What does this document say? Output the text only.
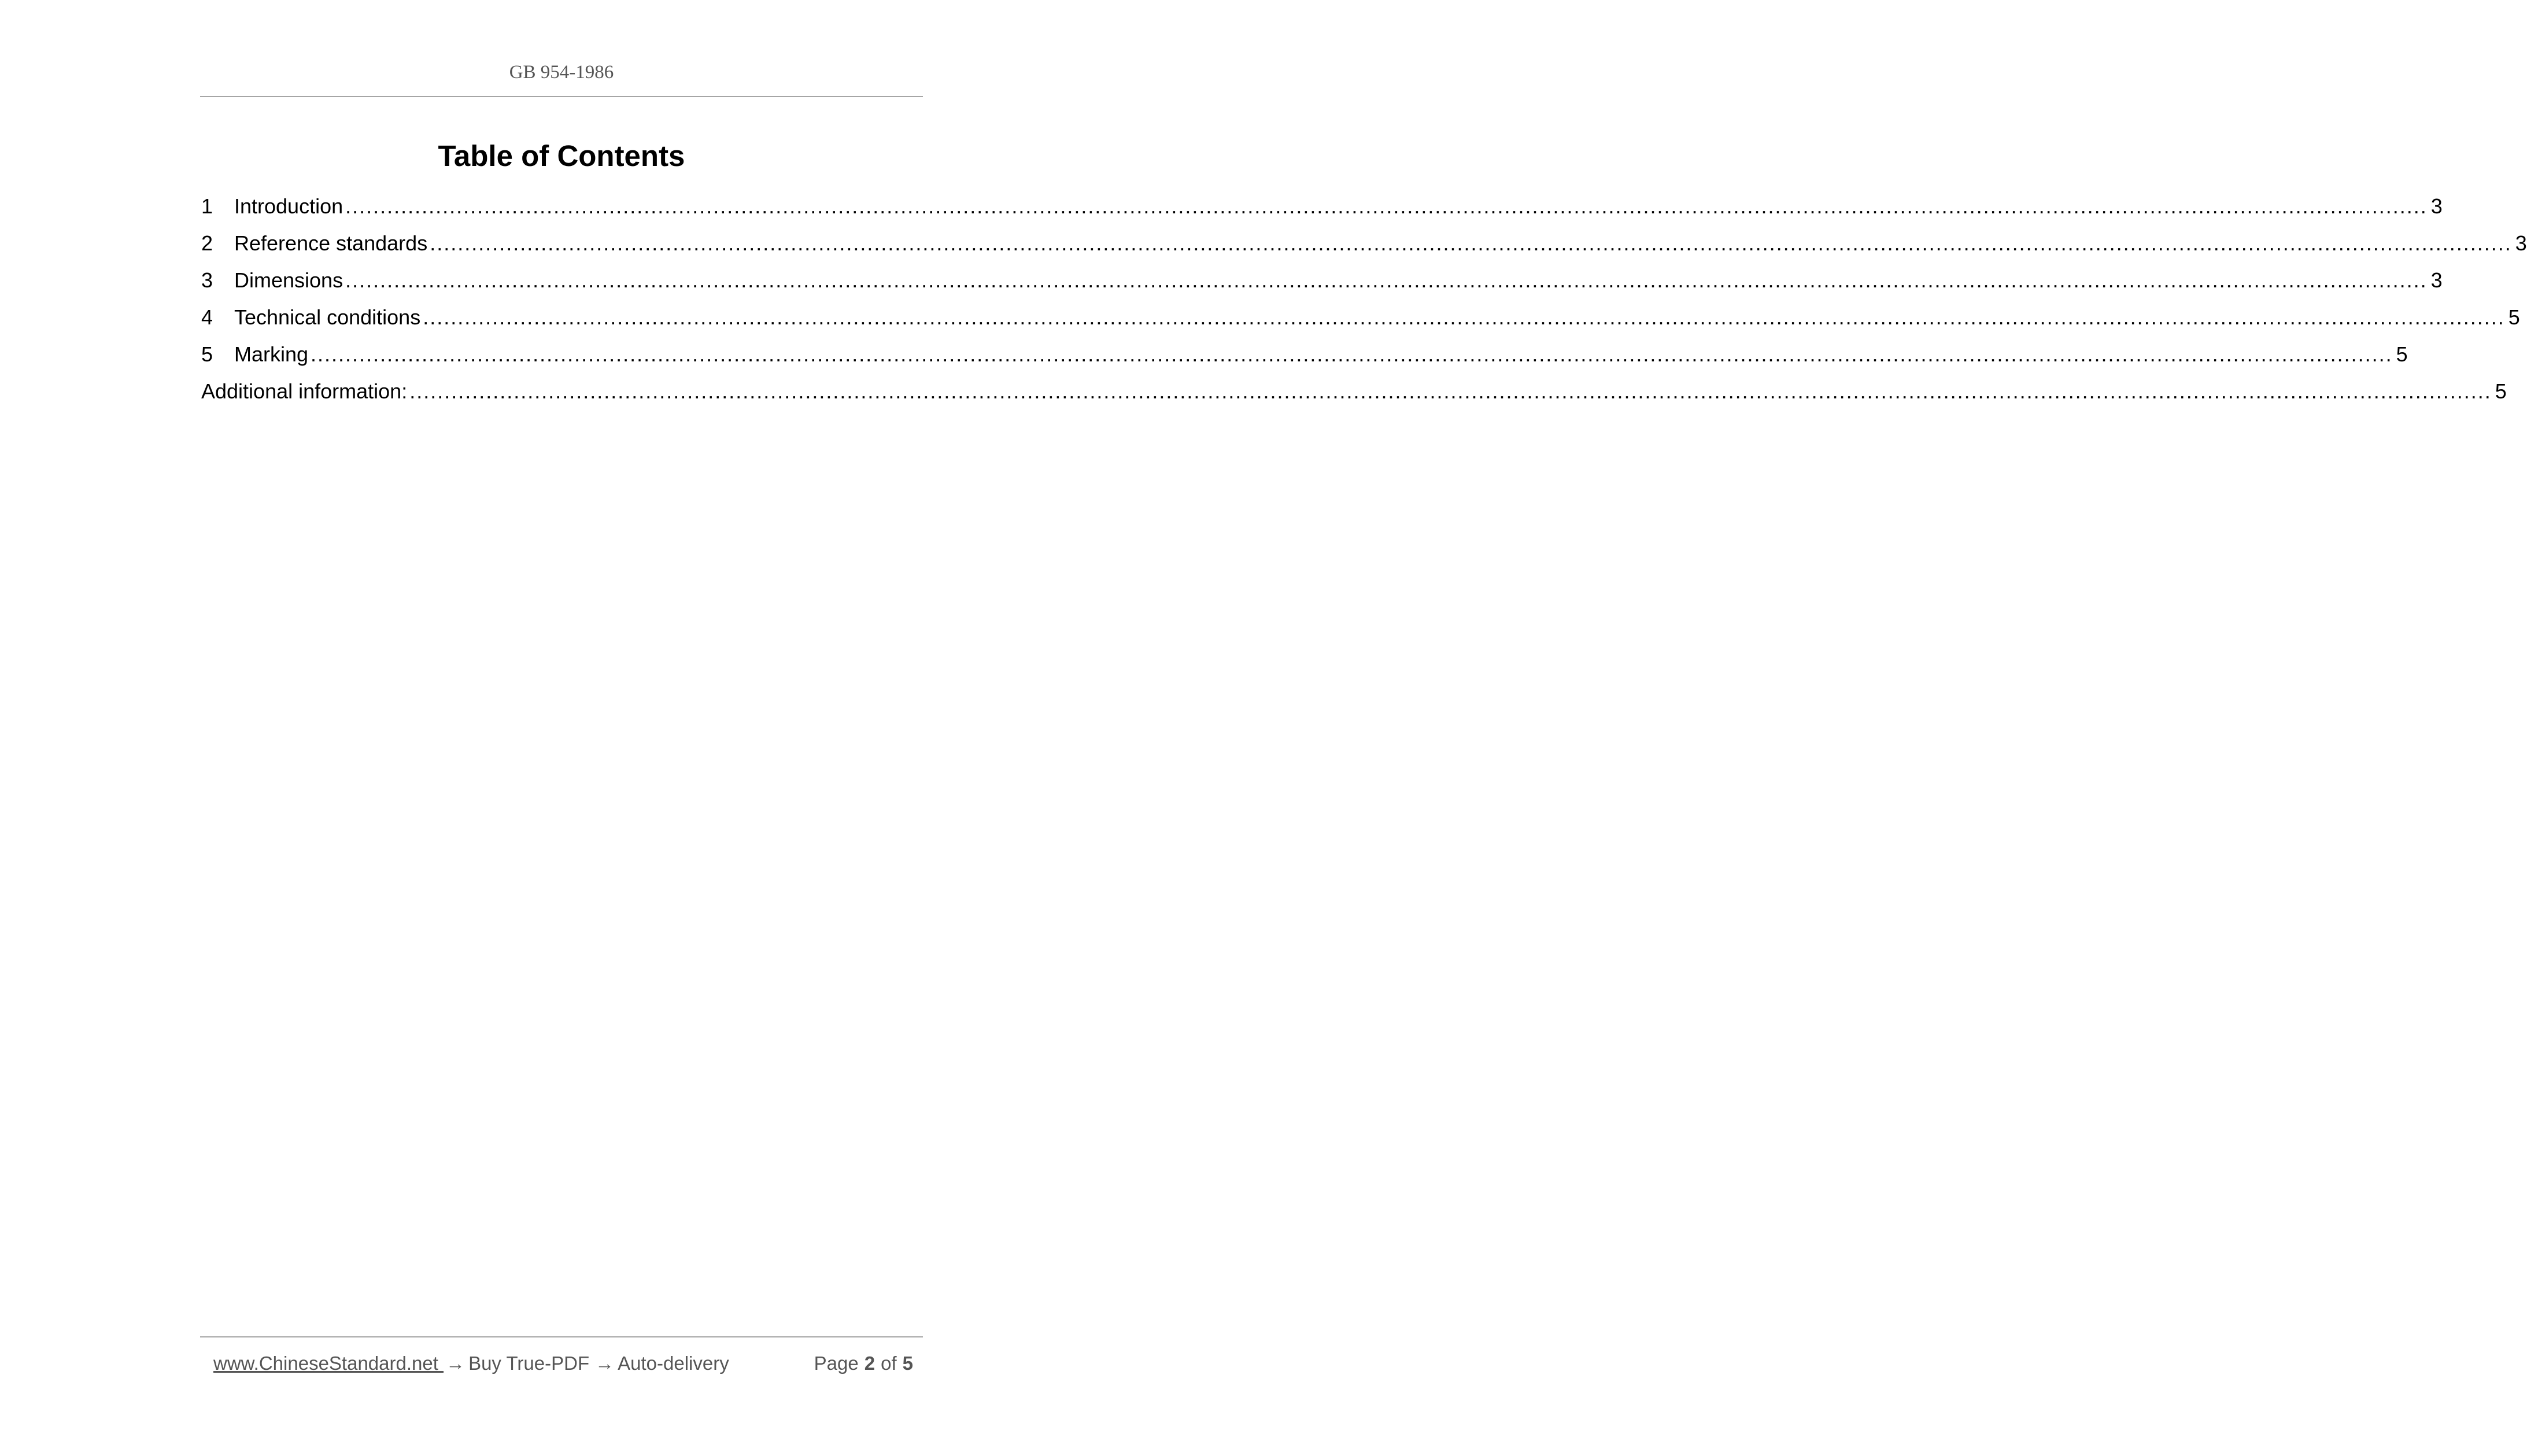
GB 954-1986
Table of Contents
1	Introduction ............................................................................................................................................................................................................................................................................................................ 3
2	Reference standards ............................................................................................................................................................................................................................................................................................................ 3
3	Dimensions ............................................................................................................................................................................................................................................................................................................ 3
4	Technical conditions ............................................................................................................................................................................................................................................................................................................ 5
5	Marking ............................................................................................................................................................................................................................................................................................................ 5
Additional information: ............................................................................................................................................................................................................................................................................................................ 5
www.ChineseStandard.net → Buy True-PDF → Auto-delivery	Page 2 of 5
